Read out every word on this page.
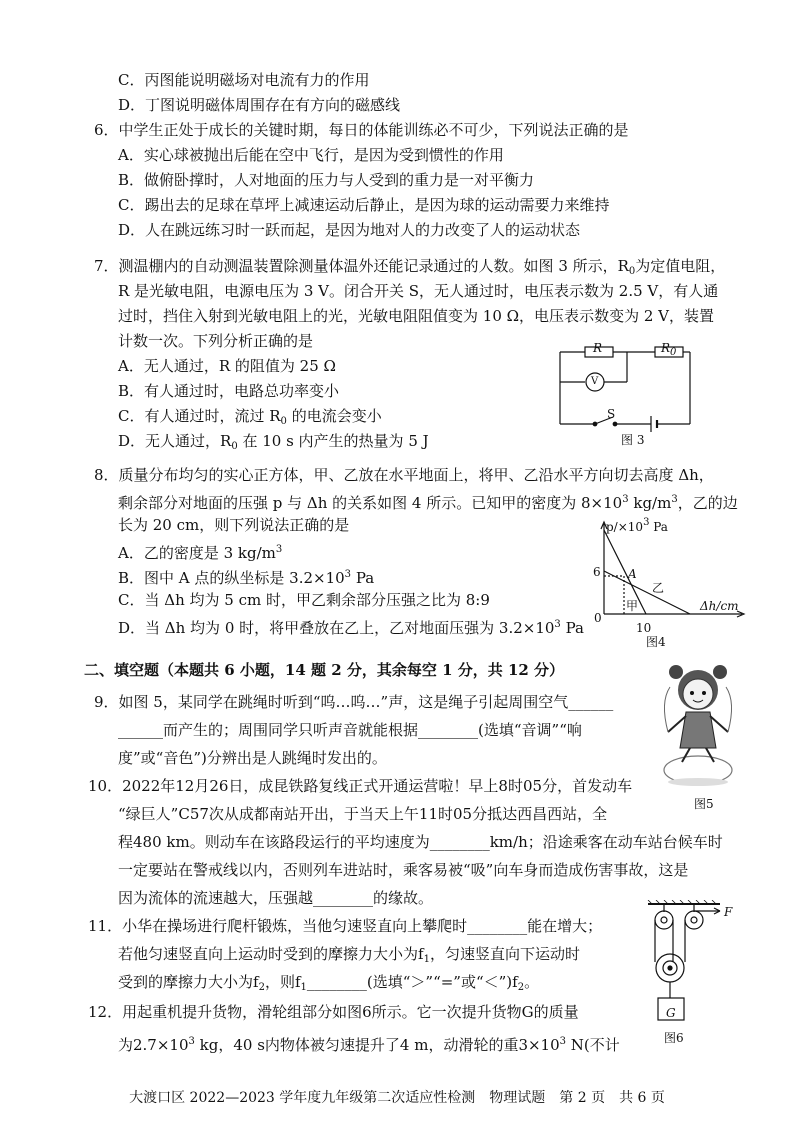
C．丙图能说明磁场对电流有力的作用
D．丁图说明磁体周围存在有方向的磁感线
6．中学生正处于成长的关键时期，每日的体能训练必不可少，下列说法正确的是
A．实心球被抛出后能在空中飞行，是因为受到惯性的作用
B．做俯卧撑时，人对地面的压力与人受到的重力是一对平衡力
C．踢出去的足球在草坪上减速运动后静止，是因为球的运动需要力来维持
D．人在跳远练习时一跃而起，是因为地对人的力改变了人的运动状态
7．测温棚内的自动测温装置除测量体温外还能记录通过的人数。如图 3 所示，$R_0$为定值电阻，
R 是光敏电阻，电源电压为 3 V。闭合开关 S，无人通过时，电压表示数为 2.5 V，有人通
过时，挡住入射到光敏电阻上的光，光敏电阻阻值变为 10 Ω，电压表示数变为 2 V，装置
计数一次。下列分析正确的是
A．无人通过，R 的阻值为 25 Ω
B．有人通过时，电路总功率变小
C．有人通过时，流过 $R_0$ 的电流会变小
D．无人通过，$R_0$ 在 10 s 内产生的热量为 5 J
R	$R_0$
V
S
图 3
8．质量分布均匀的实心正方体，甲、乙放在水平地面上，将甲、乙沿水平方向切去高度 Δh，
剩余部分对地面的压强 p 与 Δh 的关系如图 4 所示。已知甲的密度为 $8\times 10^3$ $kg/m^3$，乙的边
长为 20 cm，则下列说法正确的是
A．乙的密度是 3 $kg/m^3$
B．图中 A 点的纵坐标是 $3.2\times 10^3$ Pa
C．当 Δh 均为 5 cm 时，甲乙剩余部分压强之比为 8:9
D．当 Δh 均为 0 时，将甲叠放在乙上，乙对地面压强为 $3.2\times 10^3$ Pa
$p/\times 10^3$ Pa
6 A
甲
乙
Δh/cm
0
10
图4
二、填空题（本题共 6 小题，14 题 2 分，其余每空 1 分，共 12 分）
9．如图 5，某同学在跳绳时听到“呜…呜…”声，这是绳子引起周围空气______
______而产生的；周围同学只听声音就能根据________(选填“音调”“响
度”或“音色”)分辨出是人跳绳时发出的。
图5
10．2022年12月26日，成昆铁路复线正式开通运营啦！早上8时05分，首发动车
“绿巨人”C57次从成都南站开出，于当天上午11时05分抵达西昌西站，全
程480 km。则动车在该路段运行的平均速度为________km/h；沿途乘客在动车站台候车时
一定要站在警戒线以内，否则列车进站时，乘客易被“吸”向车身而造成伤害事故，这是
因为流体的流速越大，压强越________的缘故。
11．小华在操场进行爬杆锻炼，当他匀速竖直向上攀爬时________能在增大；
若他匀速竖直向上运动时受到的摩擦力大小为$f_1$，匀速竖直向下运动时
受到的摩擦力大小为$f_2$，则$f_1\_\_\_\_\_\_\_\_$(选填“＞”“=”或“$<”)f_2$。
12．用起重机提升货物，滑轮组部分如图6所示。它一次提升货物G的质量
为$2.7\times 10^3$ kg，40 s内物体被匀速提升了4 m，动滑轮的重$3\times 10^3$ N(不计
F
G
图6
大渡口区 2022—2023 学年度九年级第二次适应性检测　物理试题　第 2 页　共 6 页
